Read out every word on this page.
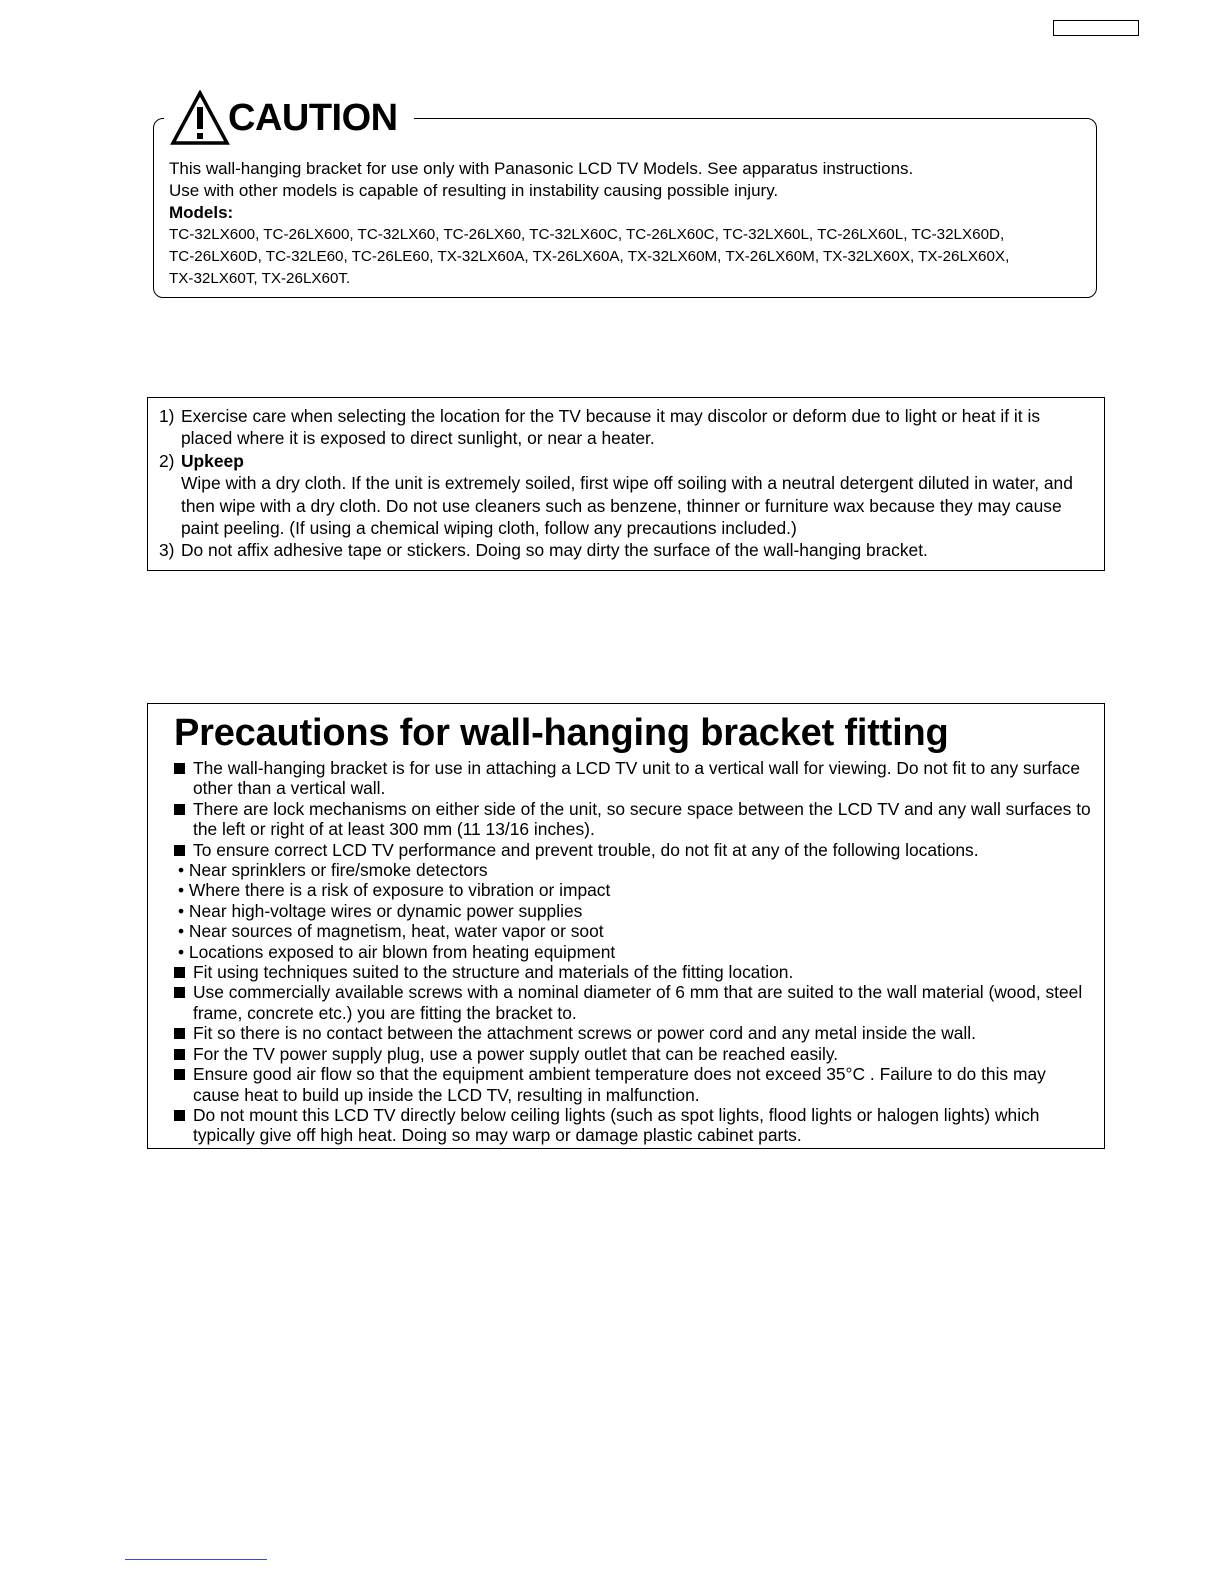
CAUTION

This wall-hanging bracket for use only with Panasonic LCD TV Models. See apparatus instructions.

Use with other models is capable of resulting in instability causing possible injury.

Models:

TC-32LX600, TC-26LX600, TC-32LX60, TC-26LX60, TC-32LX60C, TC-26LX60C, TC-32LX60L, TC-26LX60L, TC-32LX60D,

TC-26LX60D, TC-32LE60, TC-26LE60, TX-32LX60A, TX-26LX60A, TX-32LX60M, TX-26LX60M, TX-32LX60X, TX-26LX60X,

TX-32LX60T, TX-26LX60T.

1) Exercise care when selecting the location for the TV because it may discolor or deform due to light or heat if it is placed where it is exposed to direct sunlight, or near a heater.
2) Upkeep
Wipe with a dry cloth. If the unit is extremely soiled, first wipe off soiling with a neutral detergent diluted in water, and then wipe with a dry cloth. Do not use cleaners such as benzene, thinner or furniture wax because they may cause paint peeling. (If using a chemical wiping cloth, follow any precautions included.)
3) Do not affix adhesive tape or stickers. Doing so may dirty the surface of the wall-hanging bracket.
Precautions for wall-hanging bracket fitting
The wall-hanging bracket is for use in attaching a LCD TV unit to a vertical wall for viewing. Do not fit to any surface other than a vertical wall.
There are lock mechanisms on either side of the unit, so secure space between the LCD TV and any wall surfaces to the left or right of at least 300 mm (11 13/16 inches).
To ensure correct LCD TV performance and prevent trouble, do not fit at any of the following locations.
• Near sprinklers or fire/smoke detectors
• Where there is a risk of exposure to vibration or impact
• Near high-voltage wires or dynamic power supplies
• Near sources of magnetism, heat, water vapor or soot
• Locations exposed to air blown from heating equipment
Fit using techniques suited to the structure and materials of the fitting location.
Use commercially available screws with a nominal diameter of 6 mm that are suited to the wall material (wood, steel frame, concrete etc.) you are fitting the bracket to.
Fit so there is no contact between the attachment screws or power cord and any metal inside the wall.
For the TV power supply plug, use a power supply outlet that can be reached easily.
Ensure good air flow so that the equipment ambient temperature does not exceed 35°C . Failure to do this may cause heat to build up inside the LCD TV, resulting in malfunction.
Do not mount this LCD TV directly below ceiling lights (such as spot lights, flood lights or halogen lights) which typically give off high heat. Doing so may warp or damage plastic cabinet parts.
